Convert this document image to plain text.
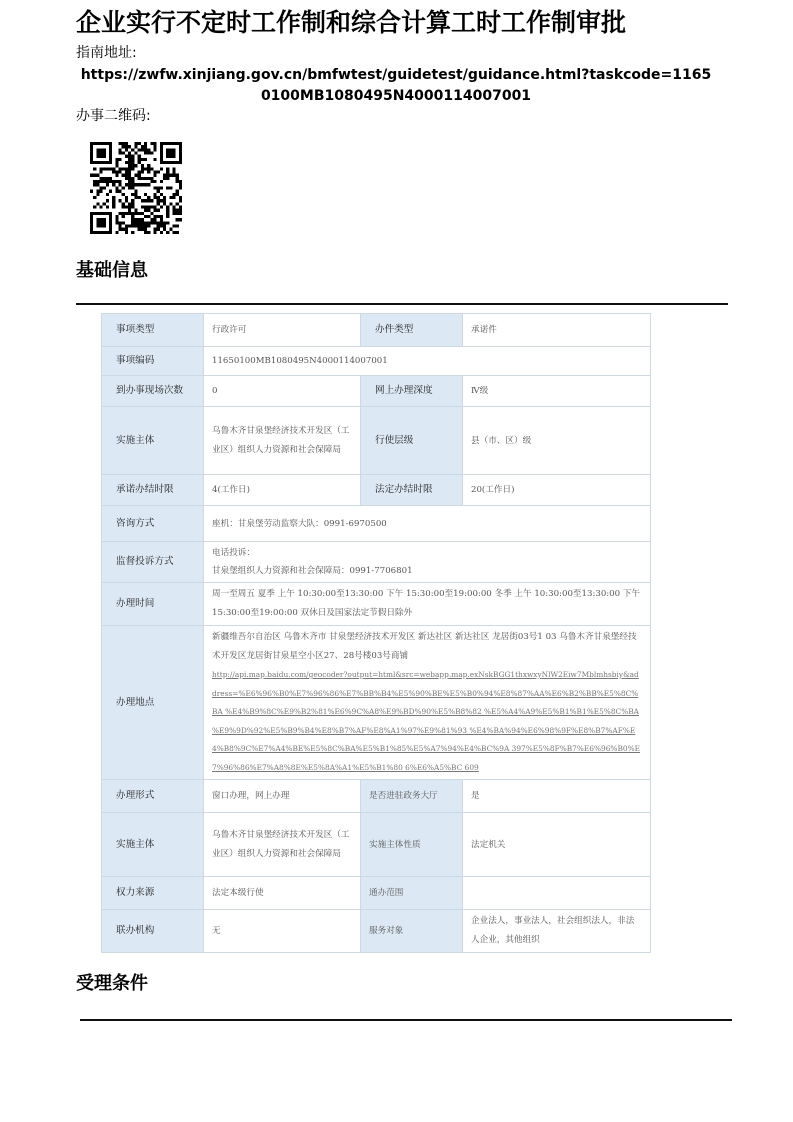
企业实行不定时工作制和综合计算工时工作制审批
指南地址:
https://zwfw.xinjiang.gov.cn/bmfwtest/guidetest/guidance.html?taskcode=11650100MB1080495N4000114007001
办事二维码:
基础信息
事项类型	行政许可	办件类型	承诺件
事项编码	11650100MB1080495N4000114007001		
到办事现场次数	0	网上办理深度	Ⅳ级
实施主体	乌鲁木齐甘泉堡经济技术开发区（工业区）组织人力资源和社会保障局	行使层级	县（市、区）级
承诺办结时限	4(工作日)	法定办结时限	20(工作日)
咨询方式	座机：甘泉堡劳动监察大队：0991-6970500		
监督投诉方式	电话投诉：
甘泉堡组织人力资源和社会保障局：0991-7706801		

办理时间	周一至周五 夏季 上午 10:30:00至13:30:00 下午 15:30:00至19:00:00 冬季 上午 10:30:00至13:30:00 下午 15:30:00至19:00:00 双休日及国家法定节假日除外		
办理地点	新疆维吾尔自治区 乌鲁木齐市 甘泉堡经济技术开发区 新达社区 新达社区 龙居街03号1 03 乌鲁木齐甘泉堡经技术开发区龙居街甘泉星空小区27、28号楼03号商铺
http://api.map.baidu.com/geocoder?output=html&src=webapp.map.exNskBGG1thxwxyNlW2Eiw7Mblmhsbiy&address=%E6%96%B0%E7%96%86%E7%BB%B4%E5%90%BE%E5%B0%94%E8%87%AA%E6%B2%BB%E5%8C%BA %E4%B9%8C%E9%B2%81%E6%9C%A8%E9%BD%90%E5%B8%82 %E5%A4%A9%E5%B1%B1%E5%8C%BA %E9%9D%92%E5%B9%B4%E8%B7%AF%E8%A1%97%E9%81%93 %E4%BA%94%E6%98%9F%E8%B7%AF%E4%B8%9C%E7%A4%BE%E5%8C%BA%E5%B1%85%E5%A7%94%E4%BC%9A 397%E5%8F%B7%E6%96%B0%E7%96%86%E7%A8%8E%E5%8A%A1%E5%B1%80 6%E6%A5%BC 609		

办理形式	窗口办理，网上办理	是否进驻政务大厅	是
实施主体	乌鲁木齐甘泉堡经济技术开发区（工业区）组织人力资源和社会保障局	实施主体性质	法定机关
权力来源	法定本级行使	通办范围	
联办机构	无	服务对象	企业法人，事业法人，社会组织法人，非法人企业，其他组织
受理条件
